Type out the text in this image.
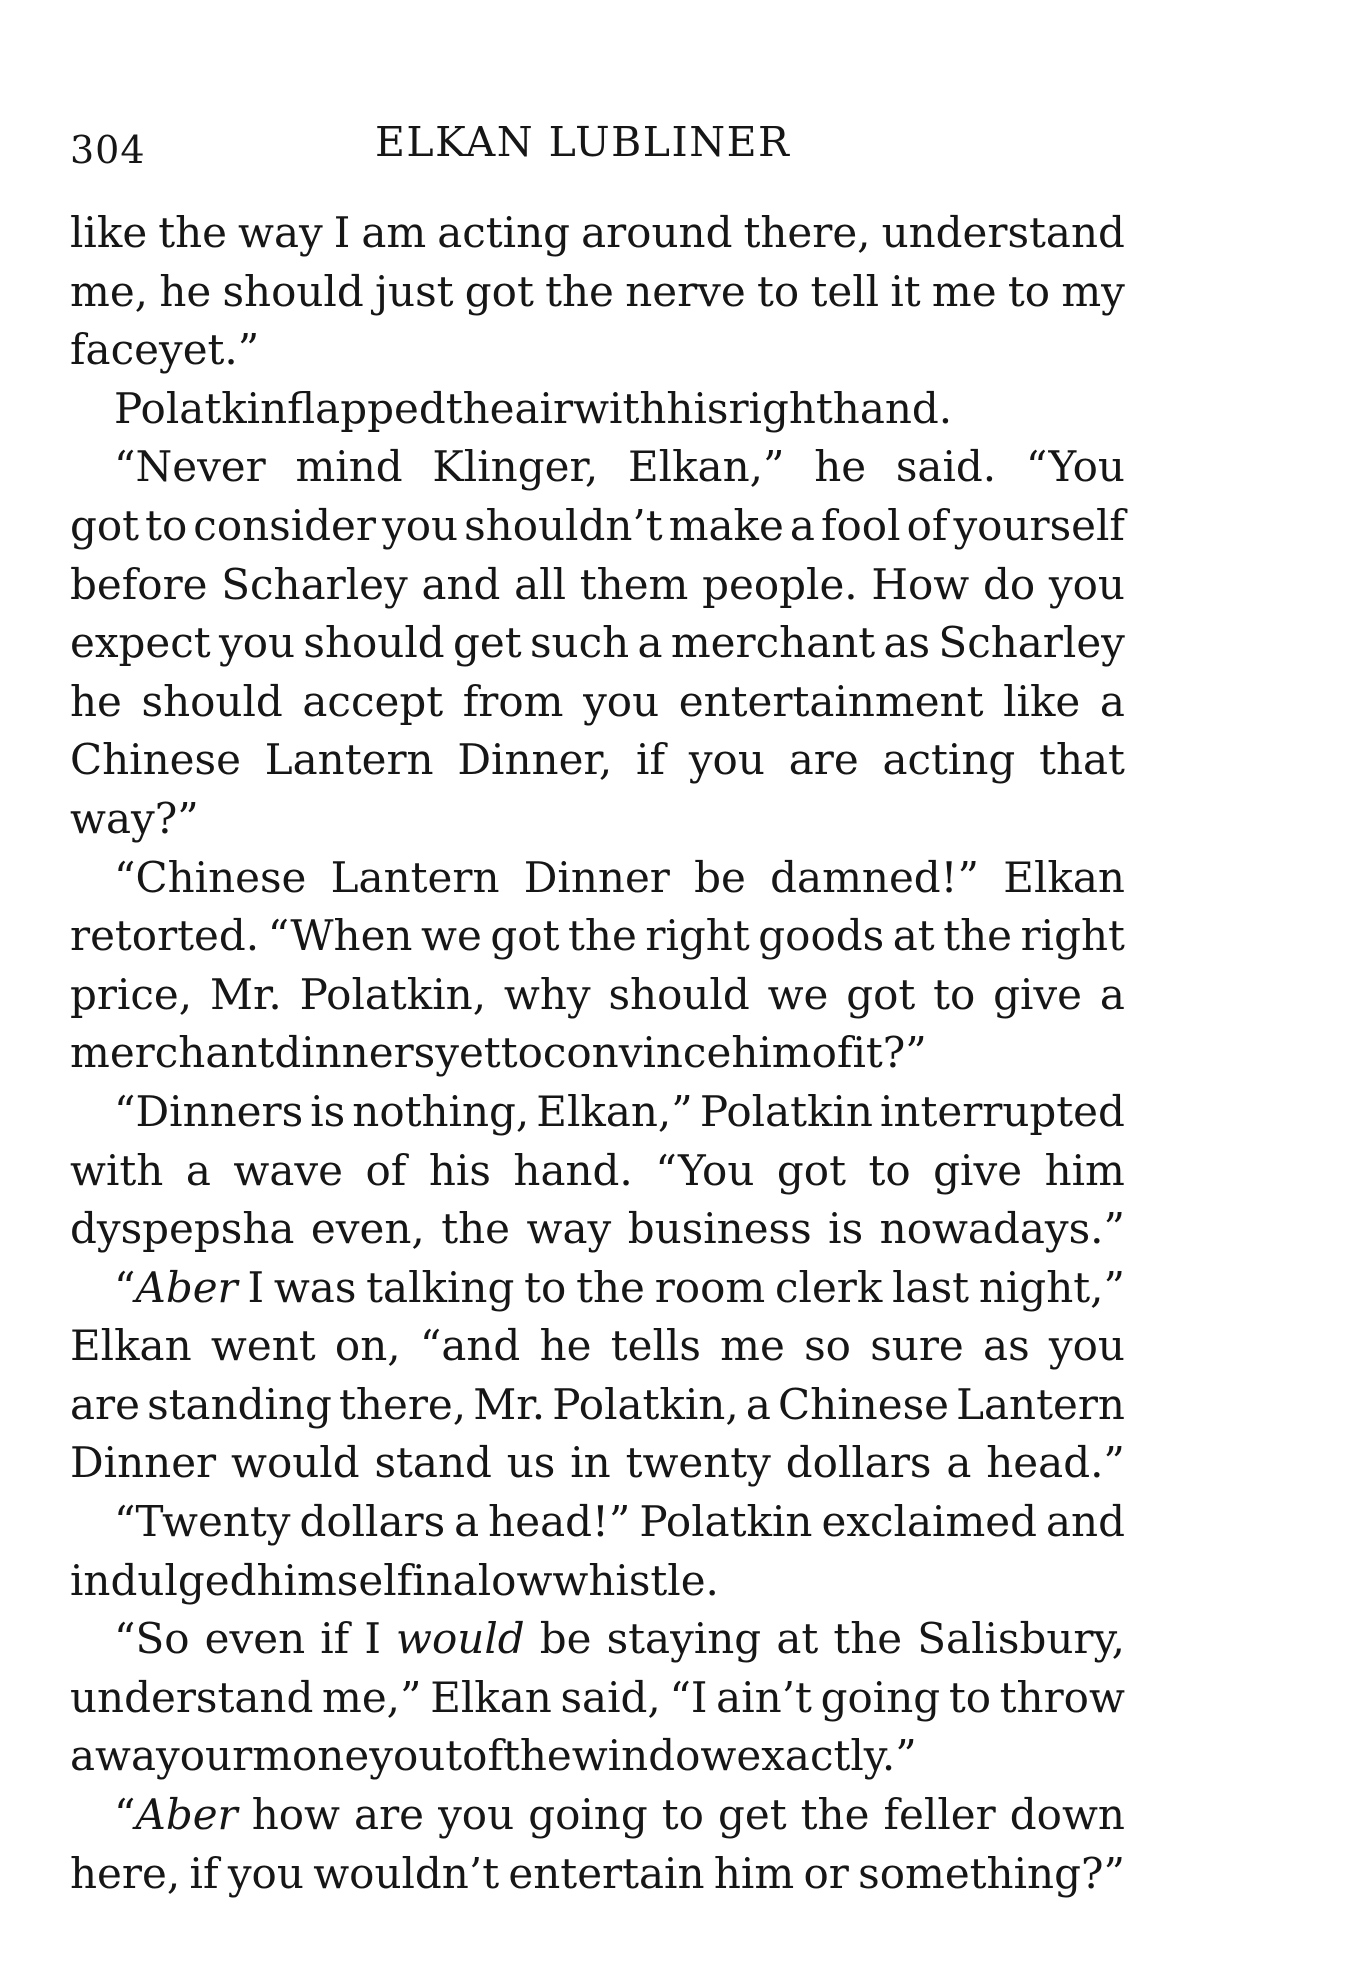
304	ELKAN LUBLINER
like the way I am acting around there, understand
me, he should just got the nerve to tell it me to my
face yet.”
Polatkin flapped the air with his right hand.
“Never mind Klinger, Elkan,” he said. “You
got to consider you shouldn’t make a fool of yourself
before Scharley and all them people. How do you
expect you should get such a merchant as Scharley
he should accept from you entertainment like a
Chinese Lantern Dinner, if you are acting that
way?”
“Chinese Lantern Dinner be damned!” Elkan
retorted. “When we got the right goods at the right
price, Mr. Polatkin, why should we got to give a
merchant dinners yet to convince him of it?”
“Dinners is nothing, Elkan,” Polatkin interrupted
with a wave of his hand. “You got to give him
dyspepsha even, the way business is nowadays.”
“Aber I was talking to the room clerk last night,”
Elkan went on, “and he tells me so sure as you
are standing there, Mr. Polatkin, a Chinese Lantern
Dinner would stand us in twenty dollars a head.”
“Twenty dollars a head!” Polatkin exclaimed and
indulged himself in a low whistle.
“So even if I would be staying at the Salisbury,
understand me,” Elkan said, “I ain’t going to throw
away our money out of the window exactly.”
“Aber how are you going to get the feller down
here, if you wouldn’t entertain him or something?”
